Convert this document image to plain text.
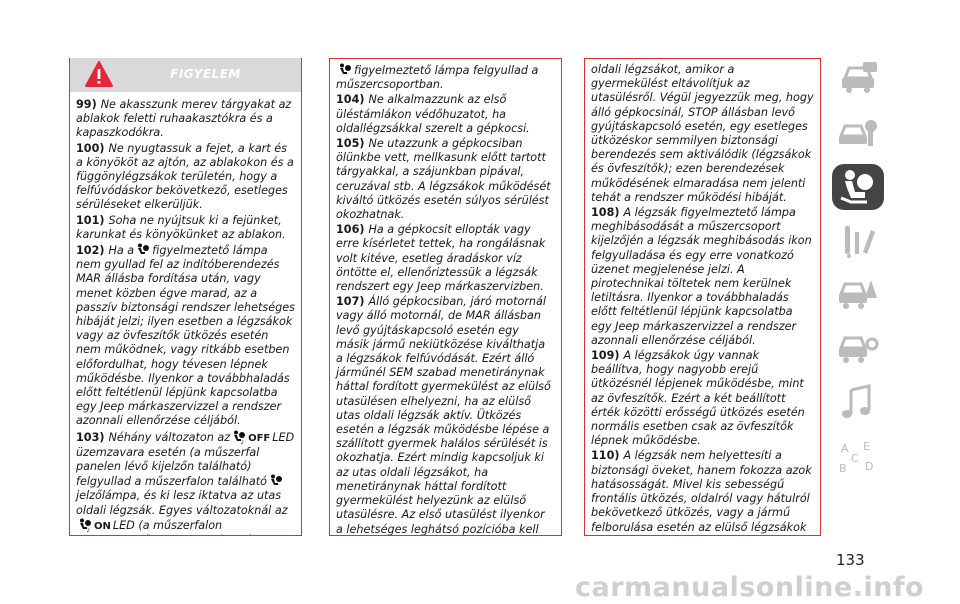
FIGYELEM

99) Ne akasszunk merev tárgyakat az ablakok feletti ruhaakasztókra és a kapaszkodókra.

100) Ne nyugtassuk a fejet, a kart és a könyököt az ajtón, az ablakokon és a függönylégzsákok területén, hogy a felfúvódáskor bekövetkező, esetleges sérüléseket elkerüljük.

101) Soha ne nyújtsuk ki a fejünket, karunkat és könyökünket az ablakon.

102) Ha a figyelmeztető lámpa nem gyullad fel az indítóberendezés MAR állásba fordítása után, vagy menet közben égve marad, az a passzív biztonsági rendszer lehetséges hibáját jelzi; ilyen esetben a légzsákok vagy az övfeszítők ütközés esetén nem működnek, vagy ritkább esetben előfordulhat, hogy tévesen lépnek működésbe. Ilyenkor a továbbhaladás előtt feltétlenül lépjünk kapcsolatba egy Jeep márkaszervizzel a rendszer azonnali ellenőrzése céljából.

103) Néhány változaton az	2 OFF LED üzemzavara esetén (a műszerfal panelen lévő kijelzőn található) felgyullad a műszerfalon található
jelzőlámpa, és ki lesz iktatva az utas oldali légzsák. Egyes változatoknál az
2 ON LED (a műszerfalon

figyelmeztető lámpa felgyullad a műszercsoportban.

104) Ne alkalmazzunk az első üléstámlákon védőhuzatot, ha oldallégzsákkal szerelt a gépkocsi.

105) Ne utazzunk a gépkocsiban ölünkbe vett, mellkasunk előtt tartott tárgyakkal, a szájunkban pipával, ceruzával stb. A légzsákok működését kiváltó ütközés esetén súlyos sérülést okozhatnak.

106) Ha a gépkocsit ellopták vagy erre kísérletet tettek, ha rongálásnak volt kitéve, esetleg áradáskor víz öntötte el, ellenőriztessük a légzsák rendszert egy Jeep márkaszervizben.

107) Álló gépkocsiban, járó motornál vagy álló motornál, de MAR állásban levő gyújtáskapcsoló esetén egy másik jármű nekiütközése kiválthatja a légzsákok felfúvódását. Ezért álló járműnél SEM szabad menetiránynak háttal fordított gyermekülést az elülső utasülésen elhelyezni, ha az elülső utas oldali légzsák aktív. Ütközés esetén a légzsák működésbe lépése a szállított gyermek halálos sérülését is okozhatja. Ezért mindig kapcsoljuk ki az utas oldali légzsákot, ha menetiránynak háttal fordított gyermekülést helyezünk az elülső utasülésre. Az első utasülést ilyenkor a lehetséges leghátsó pozícióba kell

oldali légzsákot, amikor a gyermekülést eltávolítjuk az utasülésről. Végül jegyezzük meg, hogy álló gépkocsinál, STOP állásban levő gyújtáskapcsoló esetén, egy esetleges ütközéskor semmilyen biztonsági berendezés sem aktiválódik (légzsákok és övfeszítők); ezen berendezések működésének elmaradása nem jelenti tehát a rendszer működési hibáját.

108) A légzsák figyelmeztető lámpa meghibásodását a műszercsoport kijelzőjén a légzsák meghibásodás ikon felgyulladása és egy erre vonatkozó üzenet megjelenése jelzi. A pirotechnikai töltetek nem kerülnek letiltásra. Ilyenkor a továbbhaladás előtt feltétlenül lépjünk kapcsolatba egy Jeep márkaszervizzel a rendszer azonnali ellenőrzése céljából.

109) A légzsákok úgy vannak beállítva, hogy nagyobb erejű ütközésnél lépjenek működésbe, mint az övfeszítők. Ezért a két beállított érték közötti erősségű ütközés esetén normális esetben csak az övfeszítők lépnek működésbe.

110) A légzsák nem helyettesíti a biztonsági öveket, hanem fokozza azok hatásosságát. Mivel kis sebességű frontális ütközés, oldalról vagy hátulról bekövetkező ütközés, vagy a jármű felborulása esetén az elülső légzsákok

A E
C
B D
133
carmanualsonline.info
